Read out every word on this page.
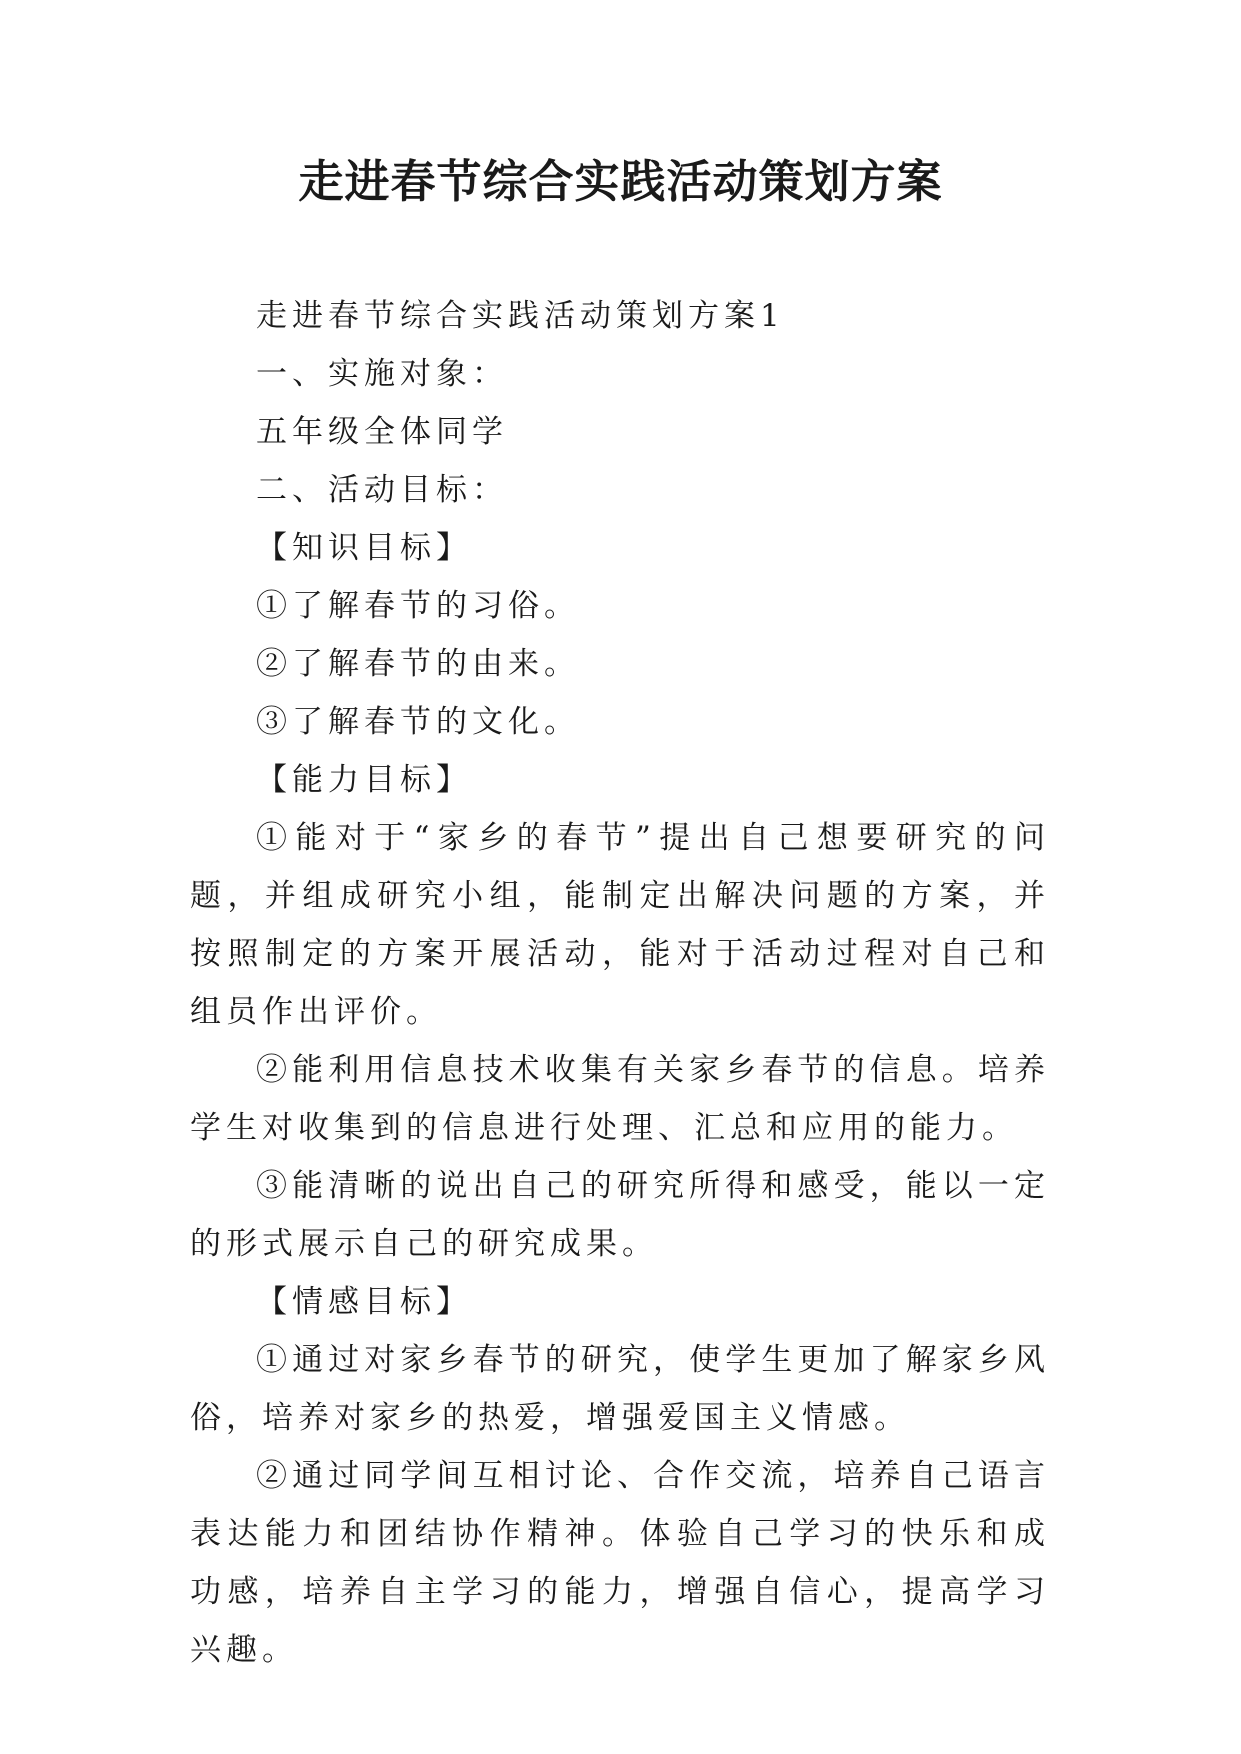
走进春节综合实践活动策划方案

走进春节综合实践活动策划方案1

一、实施对象：

五年级全体同学

二、活动目标：

【知识目标】

①了解春节的习俗。

②了解春节的由来。

③了解春节的文化。

【能力目标】

①能对于“家乡的春节”提出自己想要研究的问题，并组成研究小组，能制定出解决问题的方案，并按照制定的方案开展活动，能对于活动过程对自己和组员作出评价。

②能利用信息技术收集有关家乡春节的信息。培养学生对收集到的信息进行处理、汇总和应用的能力。

③能清晰的说出自己的研究所得和感受，能以一定的形式展示自己的研究成果。

【情感目标】

①通过对家乡春节的研究，使学生更加了解家乡风俗，培养对家乡的热爱，增强爱国主义情感。

②通过同学间互相讨论、合作交流，培养自己语言表达能力和团结协作精神。体验自己学习的快乐和成功感，培养自主学习的能力，增强自信心，提高学习兴趣。
